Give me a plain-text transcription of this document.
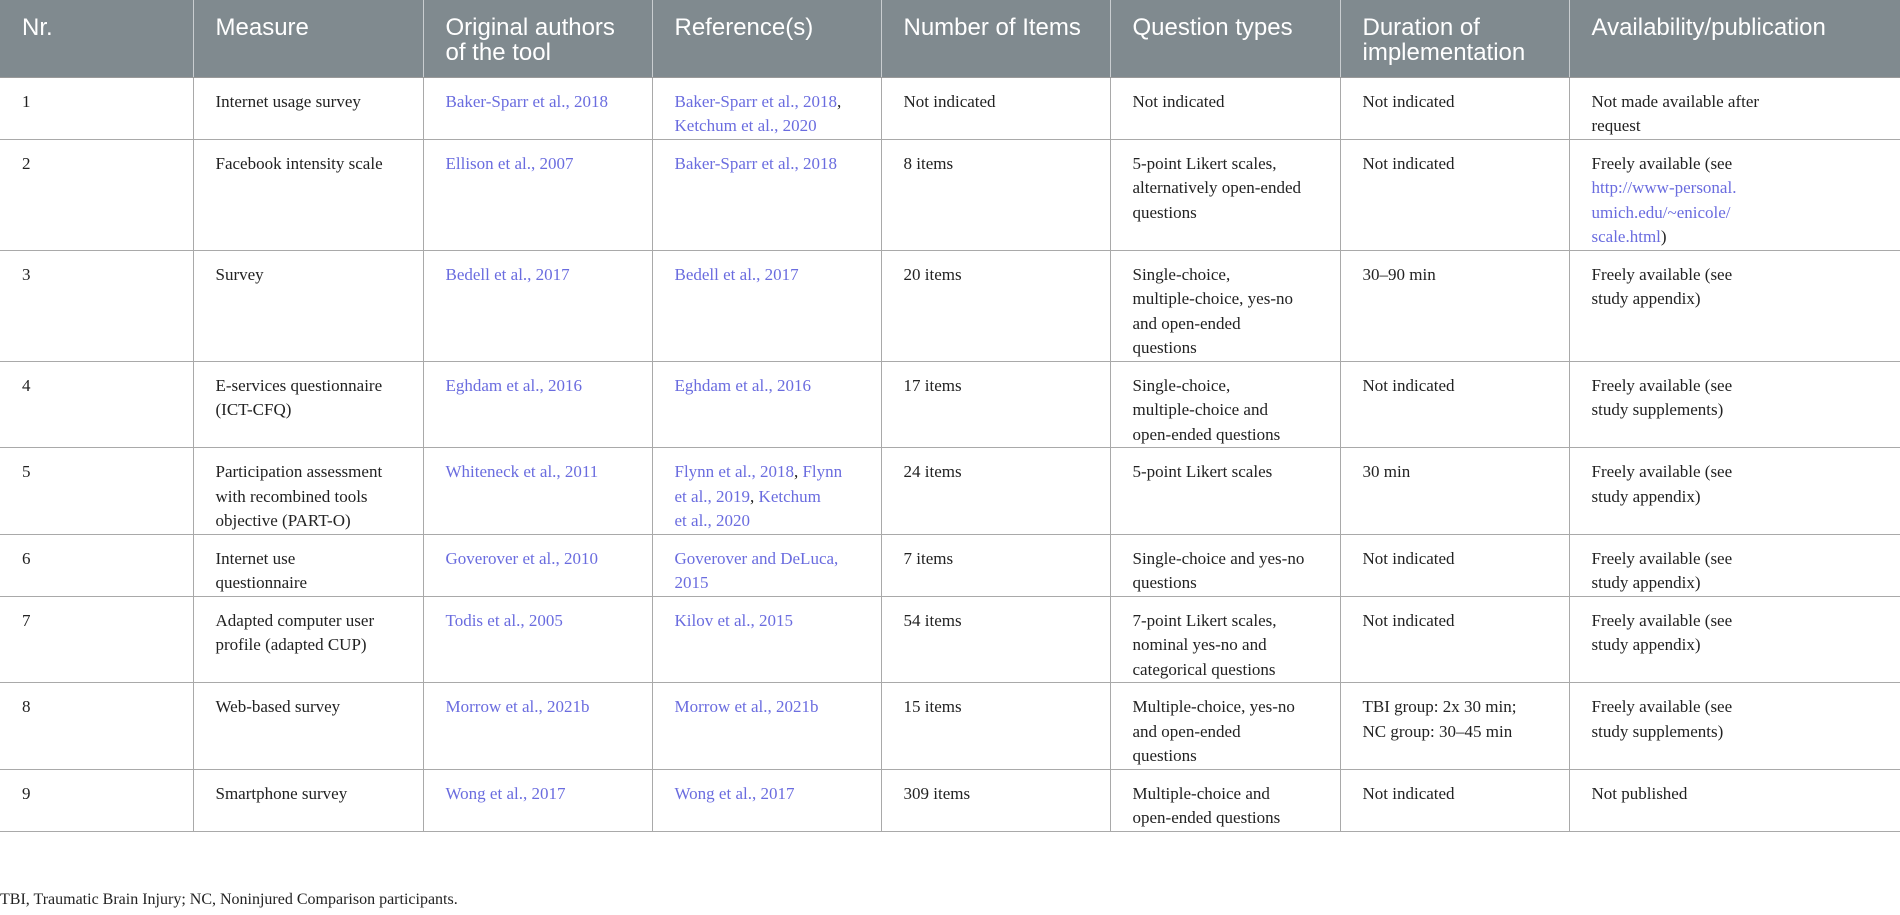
Nr.	Measure	Original authors
of the tool	Reference(s)	Number of Items	Question types	Duration of
implementation	Availability/publication
1	Internet usage survey	Baker-Sparr et al., 2018	Baker-Sparr et al., 2018,
Ketchum et al., 2020	Not indicated	Not indicated	Not indicated	Not made available after
request
2	Facebook intensity scale	Ellison et al., 2007	Baker-Sparr et al., 2018	8 items	5-point Likert scales,
alternatively open-ended
questions	Not indicated	Freely available (see
http://www-personal.
umich.edu/~enicole/
scale.html)
3	Survey	Bedell et al., 2017	Bedell et al., 2017	20 items	Single-choice,
multiple-choice, yes-no
and open-ended
questions	30–90 min	Freely available (see
study appendix)
4	E-services questionnaire
(ICT-CFQ)	Eghdam et al., 2016	Eghdam et al., 2016	17 items	Single-choice,
multiple-choice and
open-ended questions	Not indicated	Freely available (see
study supplements)
5	Participation assessment
with recombined tools
objective (PART-O)	Whiteneck et al., 2011	Flynn et al., 2018, Flynn
et al., 2019, Ketchum
et al., 2020	24 items	5-point Likert scales	30 min	Freely available (see
study appendix)
6	Internet use
questionnaire	Goverover et al., 2010	Goverover and DeLuca,
2015	7 items	Single-choice and yes-no
questions	Not indicated	Freely available (see
study appendix)
7	Adapted computer user
profile (adapted CUP)	Todis et al., 2005	Kilov et al., 2015	54 items	7-point Likert scales,
nominal yes-no and
categorical questions	Not indicated	Freely available (see
study appendix)
8	Web-based survey	Morrow et al., 2021b	Morrow et al., 2021b	15 items	Multiple-choice, yes-no
and open-ended
questions	TBI group: 2x 30 min;
NC group: 30–45 min	Freely available (see
study supplements)
9	Smartphone survey	Wong et al., 2017	Wong et al., 2017	309 items	Multiple-choice and
open-ended questions	Not indicated	Not published
TBI, Traumatic Brain Injury; NC, Noninjured Comparison participants.
